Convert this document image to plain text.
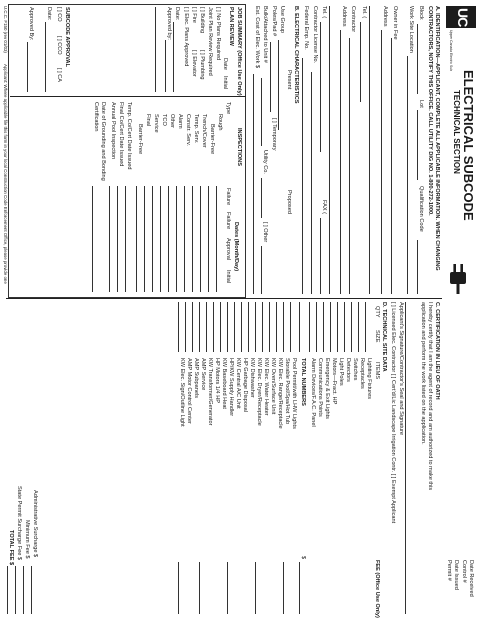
UC
Upper Canada Electric Sub
ELECTRICAL SUBCODE
TECHNICAL SECTION
Date Received
Control #
Date Issued
Permit #
A. IDENTIFICATION—APPLICANT, COMPLETE ALL APPLICABLE INFORMATION. WHEN CHANGING
CONTRACTORS, NOTIFY THIS OFFICE. CALL UTILITY DIG NO. 1-800-272-1000.
Block
Lot
Qualification Code
Work Site Location
Owner in Fee
Address
Tel. (
Contractor
Address
Tel. (
FAX (
Contractor License No.
Federal Emp. No.
B. ELECTRICAL CHARACTERISTICS
Present
Proposed
Use Group
Poles/Pad #
[ ] Temporary
Utility Co.
[ ] Other
Bulk/Attached to Unit #
Est. Cost of Elec. Work $
JOB SUMMARY (Office Use Only)
PLAN REVIEW
Date
Initial
[ ] No Plans Required
Joint Plan Review Required
[ ] Building
[ ] Plumbing
[ ] Fire
[ ] Elevator
[ ] Elec. Plans Approved
Date:
Approved by:
SUBCODE APPROVAL
[ ] CO
[ ] CCO
[ ] CA
Date:
Approved By:
U.C.C. F150 (rev 01/03)
Applicant: Where applicable file this form in your local Construction Code Enforcement Office, please provide one	INSPECTIONS
Dates (Month/Day)
Type
Failure
Failure
Approval
Initial
Rough
Barrier-Free
Trench/Cover
Temp. Serv.
Constr. Serv.
Alarm
Other
TCO
Service
Final
Barrier-Free
Temp. Co/Cert Date Issued
Final Co/Cert Date Issued
Annual Pool Inspection
Date of Grounding and Bonding
Certification
C. CERTIFICATION IN LIEU OF OATH
I hereby certify that I am the agent of record and am authorized to make this
application and perform the work listed on the application.
Applicant's Signature/Contractor's Seal and Signature
[ ] Licensed Elec. Contractor [ ] Cert'd/Lic Landscape Irrigation Contr. [ ] Exempt Applicant
D. TECHNICAL SITE DATA
QTY
SIZE
ITEMS
FEE (Office Use Only)
Lighting Fixtures
Receptacles
Switches
Detectors
Light Poles
Motors—Fract. HP
Emergency & Exit Lights
Communications Points
Alarm Devices/F.A.C. Panel
TOTAL NUMBERS
$
Pool Permit/with LHW Lights
Storable Pool/Spa/Hot Tub
KW Elec. Range/Receptacle
KW Oven/Surface Unit
KW Elec. Water Heater
KW Elec. Dryer/Receptacle
KW Dishwasher
HP Garbage Disposal
KW Central A/C Unit
HP/KW Supply Handler
KW Baseboard Heat
HP Motors 1/4 HP
KW Transformer/Generator
AMP Service
AMP Subpanels
AMP Motor Control Center
KW Elec. Sign/Outline Light
Administrative Surcharge $
Minimum Fee $
State Permit Surcharge Fee $
TOTAL FEE $
